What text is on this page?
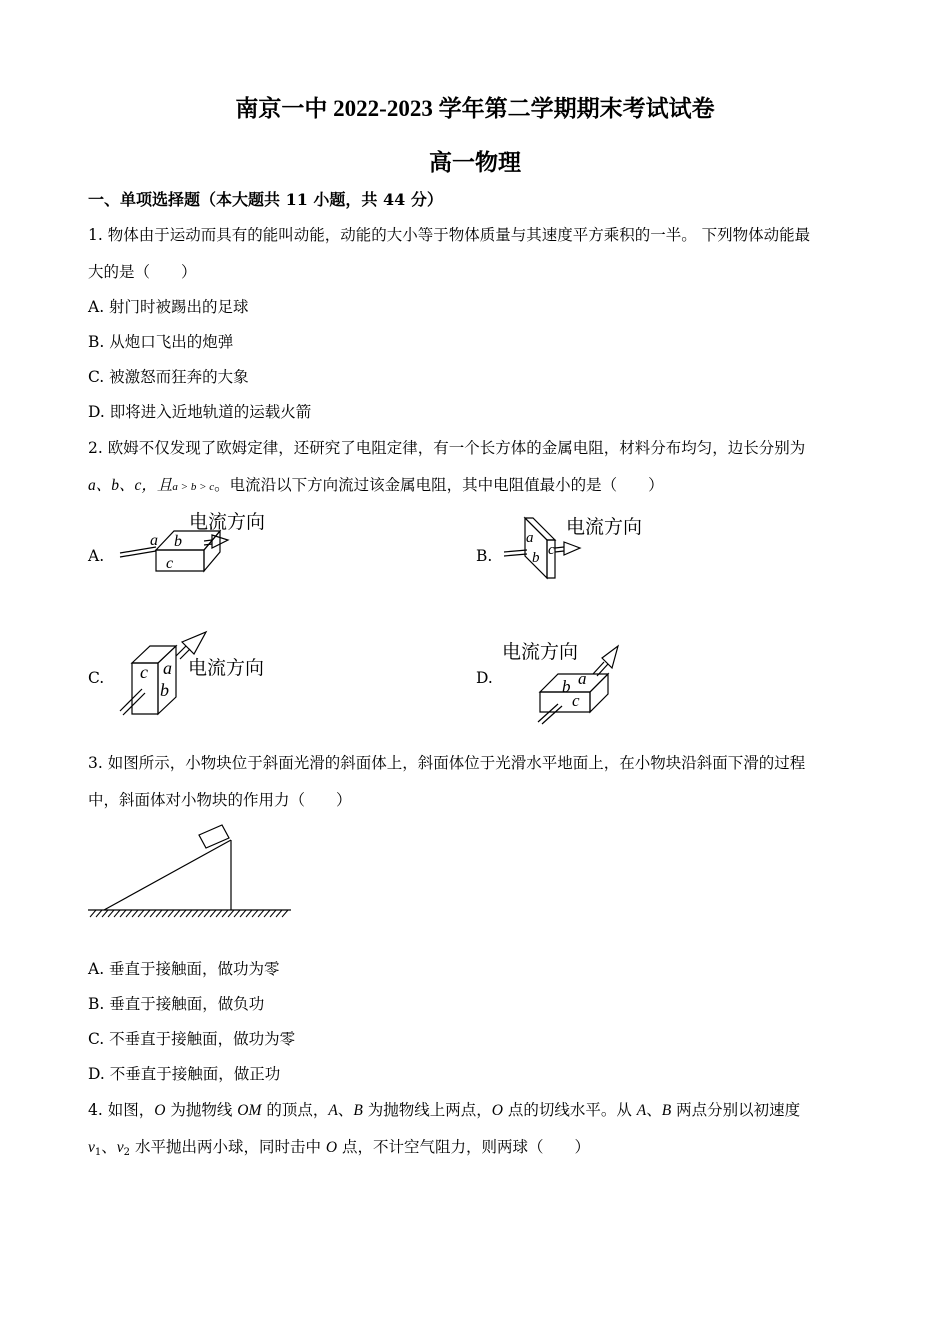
南京一中 2022-2023 学年第二学期期末考试试卷
高一物理
一、单项选择题（本大题共 11 小题，共 44 分）
1. 物体由于运动而具有的能叫动能，动能的大小等于物体质量与其速度平方乘积的一半。 下列物体动能最
大的是（　　）
A. 射门时被踢出的足球
B. 从炮口飞出的炮弹
C. 被激怒而狂奔的大象
D. 即将进入近地轨道的运载火箭
2. 欧姆不仅发现了欧姆定律，还研究了电阻定律，有一个长方体的金属电阻，材料分布均匀，边长分别为
a、b、c，且a > b > c。电流沿以下方向流过该金属电阻，其中电阻值最小的是（　　）
A.	B.
C.	D.
a b
c
电流方向
a
b c
电流方向
c a
b
电流方向
b a
c
电流方向
3. 如图所示，小物块位于斜面光滑的斜面体上，斜面体位于光滑水平地面上，在小物块沿斜面下滑的过程
中，斜面体对小物块的作用力（　　）
A. 垂直于接触面，做功为零
B. 垂直于接触面，做负功
C. 不垂直于接触面，做功为零
D. 不垂直于接触面，做正功
4. 如图，O 为抛物线 OM 的顶点，A、B 为抛物线上两点，O 点的切线水平。从 A、B 两点分别以初速度
$v_1$、$v_2$ 水平抛出两小球，同时击中 O 点，不计空气阻力，则两球（　　）
